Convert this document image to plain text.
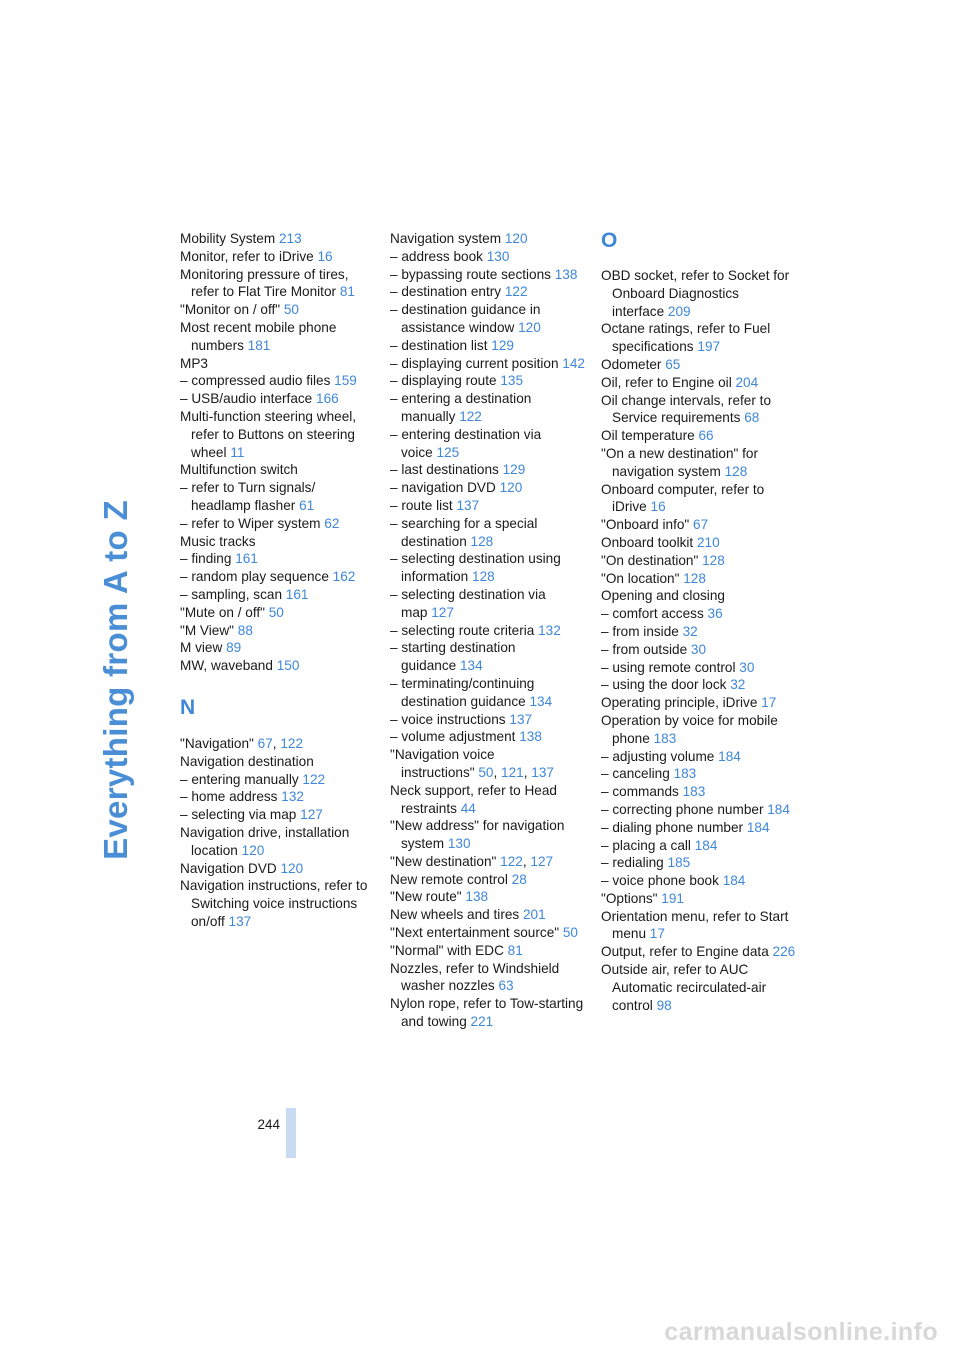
Everything from A to Z
Mobility System 213
Monitor, refer to iDrive 16
Monitoring pressure of tires, refer to Flat Tire Monitor 81
"Monitor on / off" 50
Most recent mobile phone numbers 181
MP3
– compressed audio files 159
– USB/audio interface 166
Multi-function steering wheel, refer to Buttons on steering wheel 11
Multifunction switch
– refer to Turn signals/ headlamp flasher 61
– refer to Wiper system 62
Music tracks
– finding 161
– random play sequence 162
– sampling, scan 161
"Mute on / off" 50
"M View" 88
M view 89
MW, waveband 150
N
"Navigation" 67, 122
Navigation destination
– entering manually 122
– home address 132
– selecting via map 127
Navigation drive, installation location 120
Navigation DVD 120
Navigation instructions, refer to Switching voice instructions on/off 137
Navigation system 120
– address book 130
– bypassing route sections 138
– destination entry 122
– destination guidance in assistance window 120
– destination list 129
– displaying current position 142
– displaying route 135
– entering a destination manually 122
– entering destination via voice 125
– last destinations 129
– navigation DVD 120
– route list 137
– searching for a special destination 128
– selecting destination using information 128
– selecting destination via map 127
– selecting route criteria 132
– starting destination guidance 134
– terminating/continuing destination guidance 134
– voice instructions 137
– volume adjustment 138
"Navigation voice instructions" 50, 121, 137
Neck support, refer to Head restraints 44
"New address" for navigation system 130
"New destination" 122, 127
New remote control 28
"New route" 138
New wheels and tires 201
"Next entertainment source" 50
"Normal" with EDC 81
Nozzles, refer to Windshield washer nozzles 63
Nylon rope, refer to Tow-starting and towing 221
O
OBD socket, refer to Socket for Onboard Diagnostics interface 209
Octane ratings, refer to Fuel specifications 197
Odometer 65
Oil, refer to Engine oil 204
Oil change intervals, refer to Service requirements 68
Oil temperature 66
"On a new destination" for navigation system 128
Onboard computer, refer to iDrive 16
"Onboard info" 67
Onboard toolkit 210
"On destination" 128
"On location" 128
Opening and closing
– comfort access 36
– from inside 32
– from outside 30
– using remote control 30
– using the door lock 32
Operating principle, iDrive 17
Operation by voice for mobile phone 183
– adjusting volume 184
– canceling 183
– commands 183
– correcting phone number 184
– dialing phone number 184
– placing a call 184
– redialing 185
– voice phone book 184
"Options" 191
Orientation menu, refer to Start menu 17
Output, refer to Engine data 226
Outside air, refer to AUC Automatic recirculated-air control 98
244
carmanualsonline.info
